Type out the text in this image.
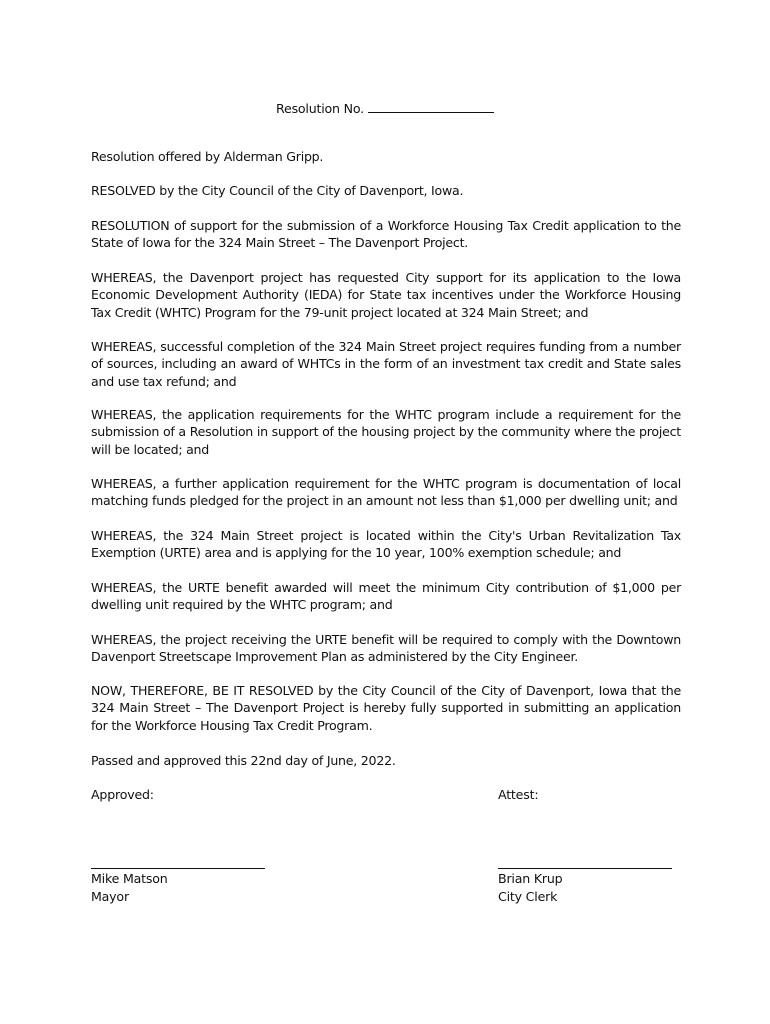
Resolution No.

Resolution offered by Alderman Gripp.

RESOLVED by the City Council of the City of Davenport, Iowa.

RESOLUTION of support for the submission of a Workforce Housing Tax Credit application to the State of Iowa for the 324 Main Street – The Davenport Project.

WHEREAS, the Davenport project has requested City support for its application to the Iowa Economic Development Authority (IEDA) for State tax incentives under the Workforce Housing Tax Credit (WHTC) Program for the 79-unit project located at 324 Main Street; and

WHEREAS, successful completion of the 324 Main Street project requires funding from a number of sources, including an award of WHTCs in the form of an investment tax credit and State sales and use tax refund; and

WHEREAS, the application requirements for the WHTC program include a requirement for the submission of a Resolution in support of the housing project by the community where the project will be located; and

WHEREAS, a further application requirement for the WHTC program is documentation of local matching funds pledged for the project in an amount not less than $1,000 per dwelling unit; and

WHEREAS, the 324 Main Street project is located within the City's Urban Revitalization Tax Exemption (URTE) area and is applying for the 10 year, 100% exemption schedule; and

WHEREAS, the URTE benefit awarded will meet the minimum City contribution of $1,000 per dwelling unit required by the WHTC program; and

WHEREAS, the project receiving the URTE benefit will be required to comply with the Downtown Davenport Streetscape Improvement Plan as administered by the City Engineer.

NOW, THEREFORE, BE IT RESOLVED by the City Council of the City of Davenport, Iowa that the 324 Main Street – The Davenport Project is hereby fully supported in submitting an application for the Workforce Housing Tax Credit Program.

Passed and approved this 22nd day of June, 2022.

Approved:	Attest:
Mike Matson
Mayor
Brian Krup
City Clerk
